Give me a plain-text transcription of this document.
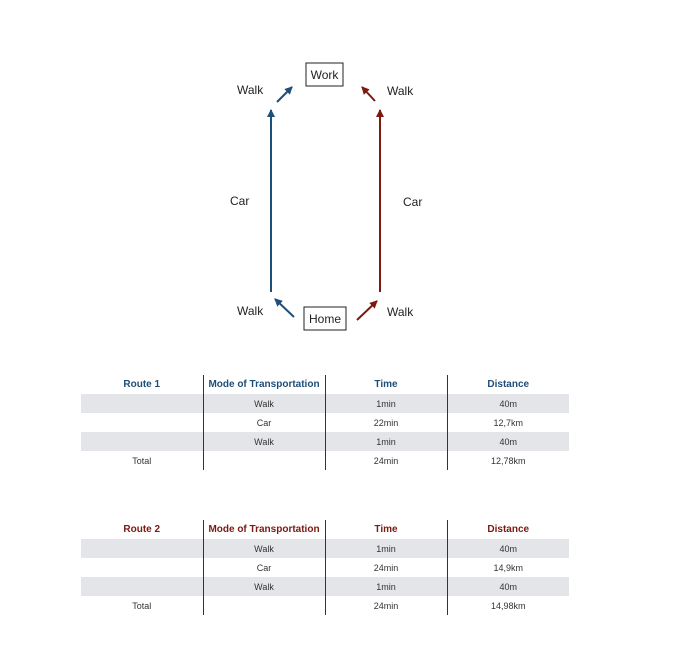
Work
Home
Walk
Car
Walk
Walk
Car
Walk
Route 1	Mode of Transportation	Time	Distance
	Walk	1min	40m
	Car	22min	12,7km
	Walk	1min	40m
Total		24min	12,78km
Route 2	Mode of Transportation	Time	Distance
	Walk	1min	40m
	Car	24min	14,9km
	Walk	1min	40m
Total		24min	14,98km
